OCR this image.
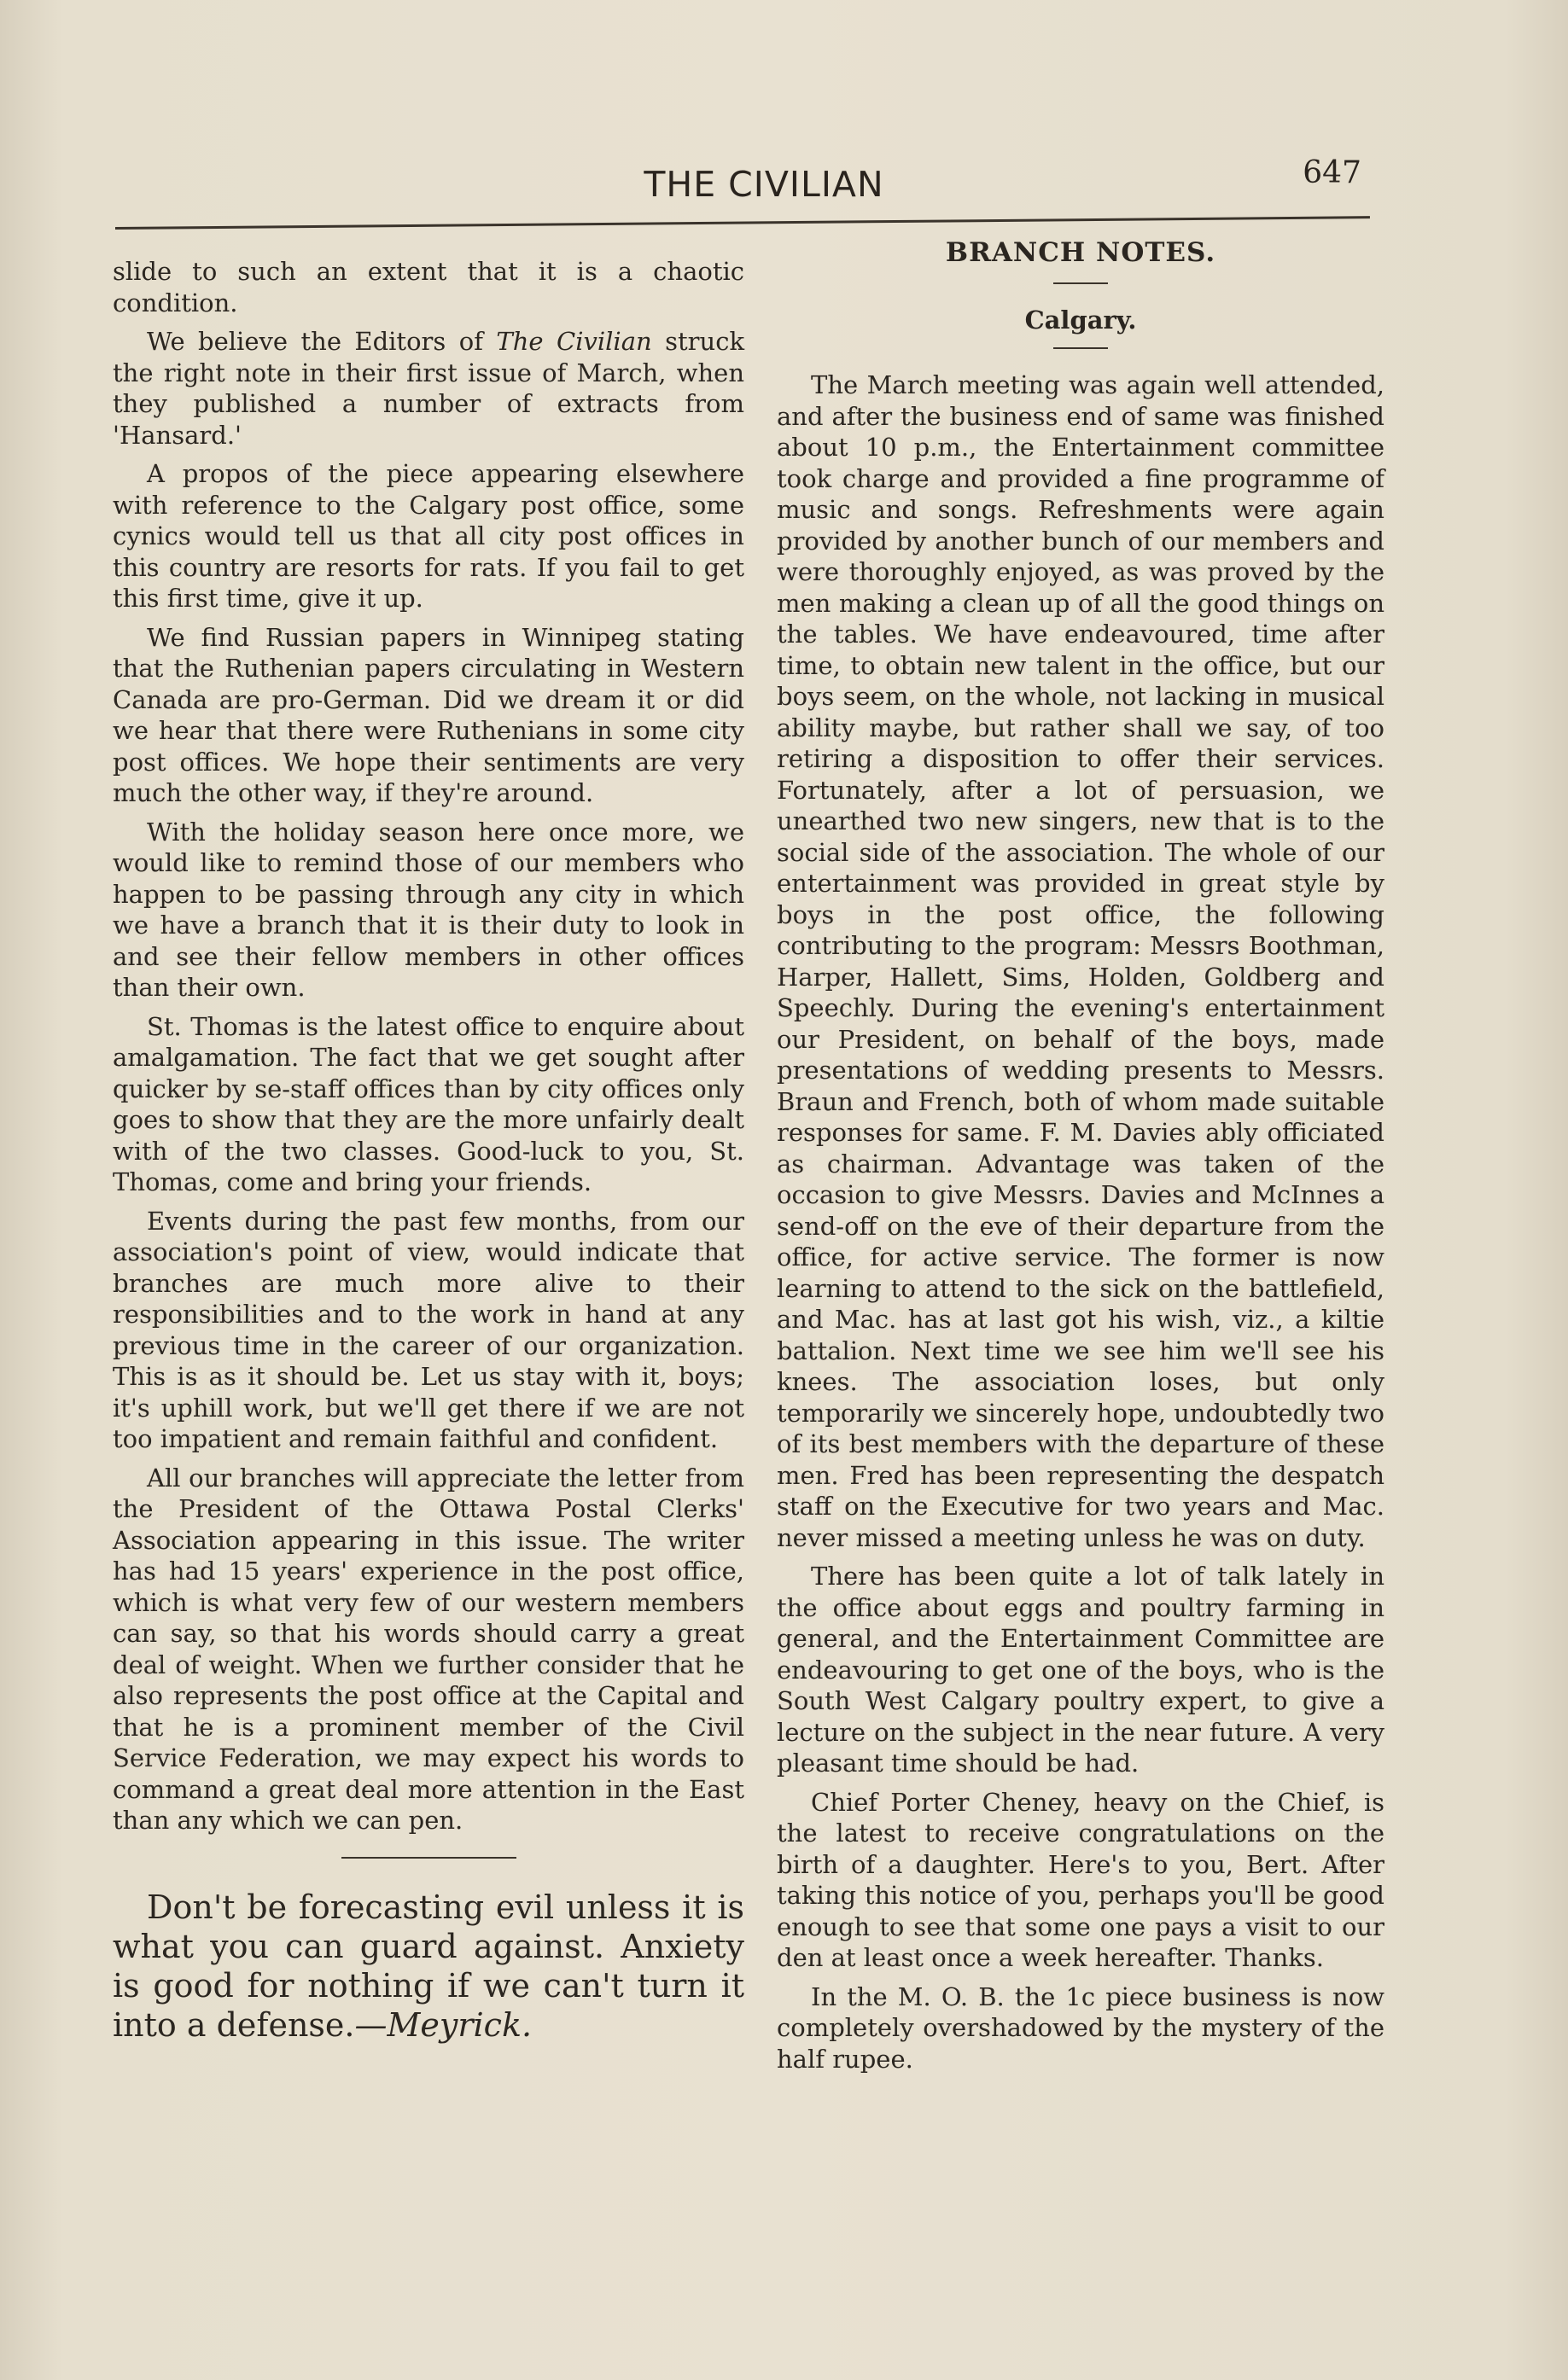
THE CIVILIAN	647

slide to such an extent that it is a chaotic condition.

We believe the Editors of The Civilian struck the right note in their first issue of March, when they published a number of extracts from 'Hansard.'

A propos of the piece appearing elsewhere with reference to the Calgary post office, some cynics would tell us that all city post offices in this country are resorts for rats. If you fail to get this first time, give it up.

We find Russian papers in Winnipeg stating that the Ruthenian papers circulating in Western Canada are pro-German. Did we dream it or did we hear that there were Ruthenians in some city post offices. We hope their sentiments are very much the other way, if they're around.

With the holiday season here once more, we would like to remind those of our members who happen to be passing through any city in which we have a branch that it is their duty to look in and see their fellow members in other offices than their own.

St. Thomas is the latest office to enquire about amalgamation. The fact that we get sought after quicker by se-staff offices than by city offices only goes to show that they are the more unfairly dealt with of the two classes. Good-luck to you, St. Thomas, come and bring your friends.

Events during the past few months, from our association's point of view, would indicate that branches are much more alive to their responsibilities and to the work in hand at any previous time in the career of our organization. This is as it should be. Let us stay with it, boys; it's uphill work, but we'll get there if we are not too impatient and remain faithful and confident.

All our branches will appreciate the letter from the President of the Ottawa Postal Clerks' Association appearing in this issue. The writer has had 15 years' experience in the post office, which is what very few of our western members can say, so that his words should carry a great deal of weight. When we further consider that he also represents the post office at the Capital and that he is a prominent member of the Civil Service Federation, we may expect his words to command a great deal more attention in the East than any which we can pen.

Don't be forecasting evil unless it is what you can guard against. Anxiety is good for nothing if we can't turn it into a defense.—Meyrick.

BRANCH NOTES.
Calgary.

The March meeting was again well attended, and after the business end of same was finished about 10 p.m., the Entertainment committee took charge and provided a fine programme of music and songs. Refreshments were again provided by another bunch of our members and were thoroughly enjoyed, as was proved by the men making a clean up of all the good things on the tables. We have endeavoured, time after time, to obtain new talent in the office, but our boys seem, on the whole, not lacking in musical ability maybe, but rather shall we say, of too retiring a disposition to offer their services. Fortunately, after a lot of persuasion, we unearthed two new singers, new that is to the social side of the association. The whole of our entertainment was provided in great style by boys in the post office, the following contributing to the program: Messrs Boothman, Harper, Hallett, Sims, Holden, Goldberg and Speechly. During the evening's entertainment our President, on behalf of the boys, made presentations of wedding presents to Messrs. Braun and French, both of whom made suitable responses for same. F. M. Davies ably officiated as chairman. Advantage was taken of the occasion to give Messrs. Davies and McInnes a send-off on the eve of their departure from the office, for active service. The former is now learning to attend to the sick on the battlefield, and Mac. has at last got his wish, viz., a kiltie battalion. Next time we see him we'll see his knees. The association loses, but only temporarily we sincerely hope, undoubtedly two of its best members with the departure of these men. Fred has been representing the despatch staff on the Executive for two years and Mac. never missed a meeting unless he was on duty.

There has been quite a lot of talk lately in the office about eggs and poultry farming in general, and the Entertainment Committee are endeavouring to get one of the boys, who is the South West Calgary poultry expert, to give a lecture on the subject in the near future. A very pleasant time should be had.

Chief Porter Cheney, heavy on the Chief, is the latest to receive congratulations on the birth of a daughter. Here's to you, Bert. After taking this notice of you, perhaps you'll be good enough to see that some one pays a visit to our den at least once a week hereafter. Thanks.

In the M. O. B. the 1c piece business is now completely overshadowed by the mystery of the half rupee.
